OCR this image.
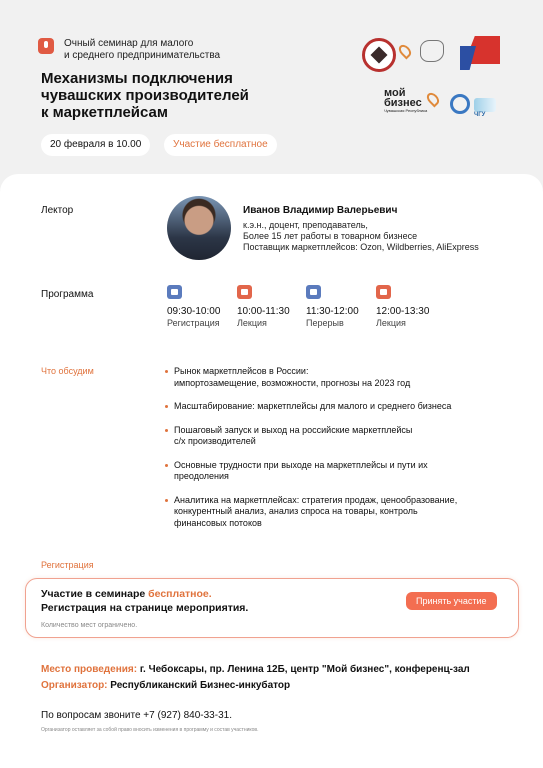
Очный семинар для малого
и среднего предпринимательства
Механизмы подключения
чувашских производителей
к маркетплейсам
20 февраля в 10.00	Участие бесплатное
мой
бизнес
Чувашская Республика
ЧГУ
Лектор	Иванов Владимир Валерьевич
к.э.н., доцент, преподаватель,
Более 15 лет работы в товарном бизнесе
Поставщик маркетплейсов: Ozon, Wildberries, AliExpress
Программа
09:30-10:00
Регистрация
10:00-11:30
Лекция
11:30-12:00
Перерыв
12:00-13:30
Лекция
Что обсудим	Рынок маркетплейсов в России:
импортозамещение, возможности, прогнозы на 2023 год
Масштабирование: маркетплейсы для малого и среднего бизнеса
Пошаговый запуск и выход на российские маркетплейсы
с/х производителей
Основные трудности при выходе на маркетплейсы и пути их
преодоления
Аналитика на маркетплейсах: стратегия продаж, ценообразование,
конкурентный анализ, анализ спроса на товары, контроль
финансовых потоков
Регистрация
Участие в семинаре бесплатное.
Регистрация на странице мероприятия.
Количество мест ограничено.
Принять участие
Место проведения: г. Чебоксары, пр. Ленина 12Б, центр "Мой бизнес", конференц-зал
Организатор: Республиканский Бизнес-инкубатор
По вопросам звоните +7 (927) 840-33-31.
Организатор оставляет за собой право вносить изменения в программу и состав участников.
